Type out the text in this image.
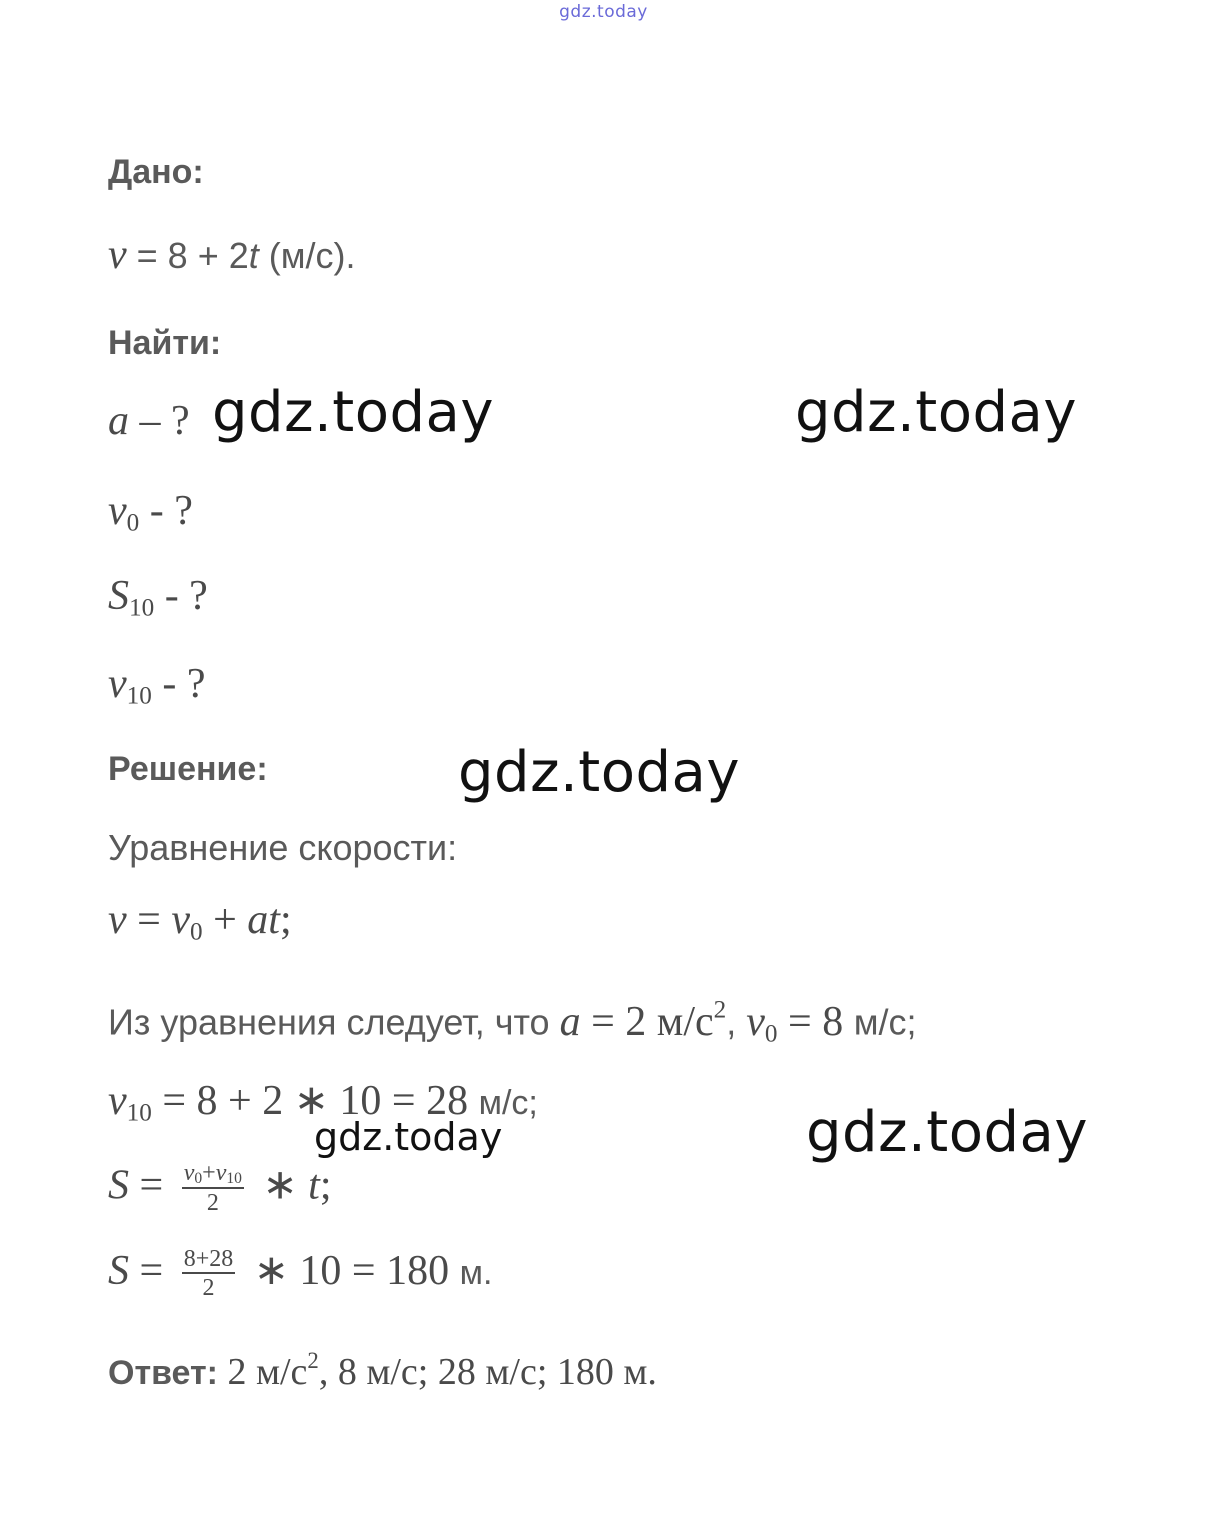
gdz.today
Дано:
v = 8 + 2t (м/с).
Найти:
a – ?
$v_0$ - ?
$S_{10}$ - ?
$v_{10}$ - ?
Решение:
Уравнение скорости:
$v = v_0$ + at;
Из уравнения следует, что a = 2 $м/с^2$, $v_0 = 8$ м/с;
$v_{10} = 8 + 2$ ∗ 10 = 28 м/с;
$S = \frac{v_0+v_{10}}{2}$ ∗ t;
$S = \frac{8+28}{2}$ ∗ 10 = 180 м.
Ответ: 2 $м/с^2$, 8 м/с; 28 м/с; 180 м.
gdz.today	gdz.today
gdz.today
gdz.today	gdz.today
